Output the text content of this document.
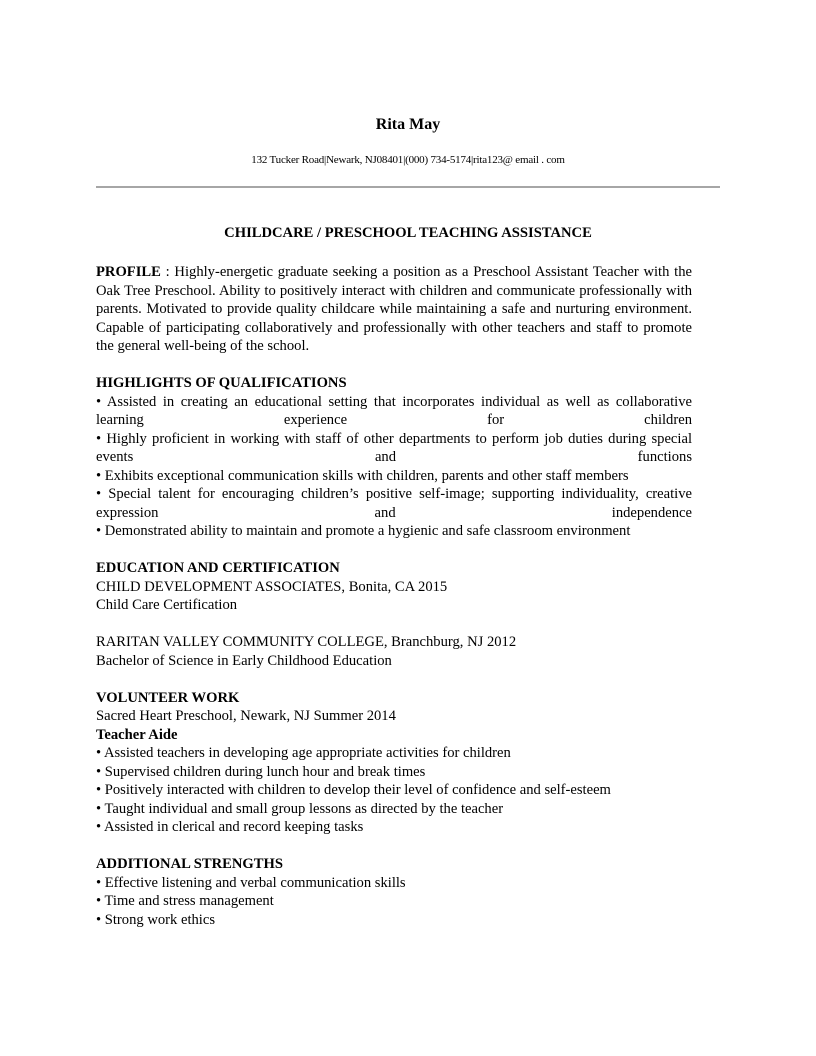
Rita May
132 Tucker Road|Newark, NJ08401|(000) 734-5174|rita123@ email . com
CHILDCARE / PRESCHOOL TEACHING ASSISTANCE

PROFILE : Highly-energetic graduate seeking a position as a Preschool Assistant Teacher with the Oak Tree Preschool. Ability to positively interact with children and communicate professionally with parents. Motivated to provide quality childcare while maintaining a safe and nurturing environment. Capable of participating collaboratively and professionally with other teachers and staff to promote the general well-being of the school.

HIGHLIGHTS OF QUALIFICATIONS
• Assisted in creating an educational setting that incorporates individual as well as collaborative learning experience for children
• Highly proficient in working with staff of other departments to perform job duties during special events and functions
• Exhibits exceptional communication skills with children, parents and other staff members
• Special talent for encouraging children’s positive self-image; supporting individuality, creative expression and independence
• Demonstrated ability to maintain and promote a hygienic and safe classroom environment
EDUCATION AND CERTIFICATION
CHILD DEVELOPMENT ASSOCIATES, Bonita, CA 2015
Child Care Certification
RARITAN VALLEY COMMUNITY COLLEGE, Branchburg, NJ 2012
Bachelor of Science in Early Childhood Education
VOLUNTEER WORK
Sacred Heart Preschool, Newark, NJ Summer 2014
Teacher Aide
• Assisted teachers in developing age appropriate activities for children
• Supervised children during lunch hour and break times
• Positively interacted with children to develop their level of confidence and self-esteem
• Taught individual and small group lessons as directed by the teacher
• Assisted in clerical and record keeping tasks
ADDITIONAL STRENGTHS
• Effective listening and verbal communication skills
• Time and stress management
• Strong work ethics
